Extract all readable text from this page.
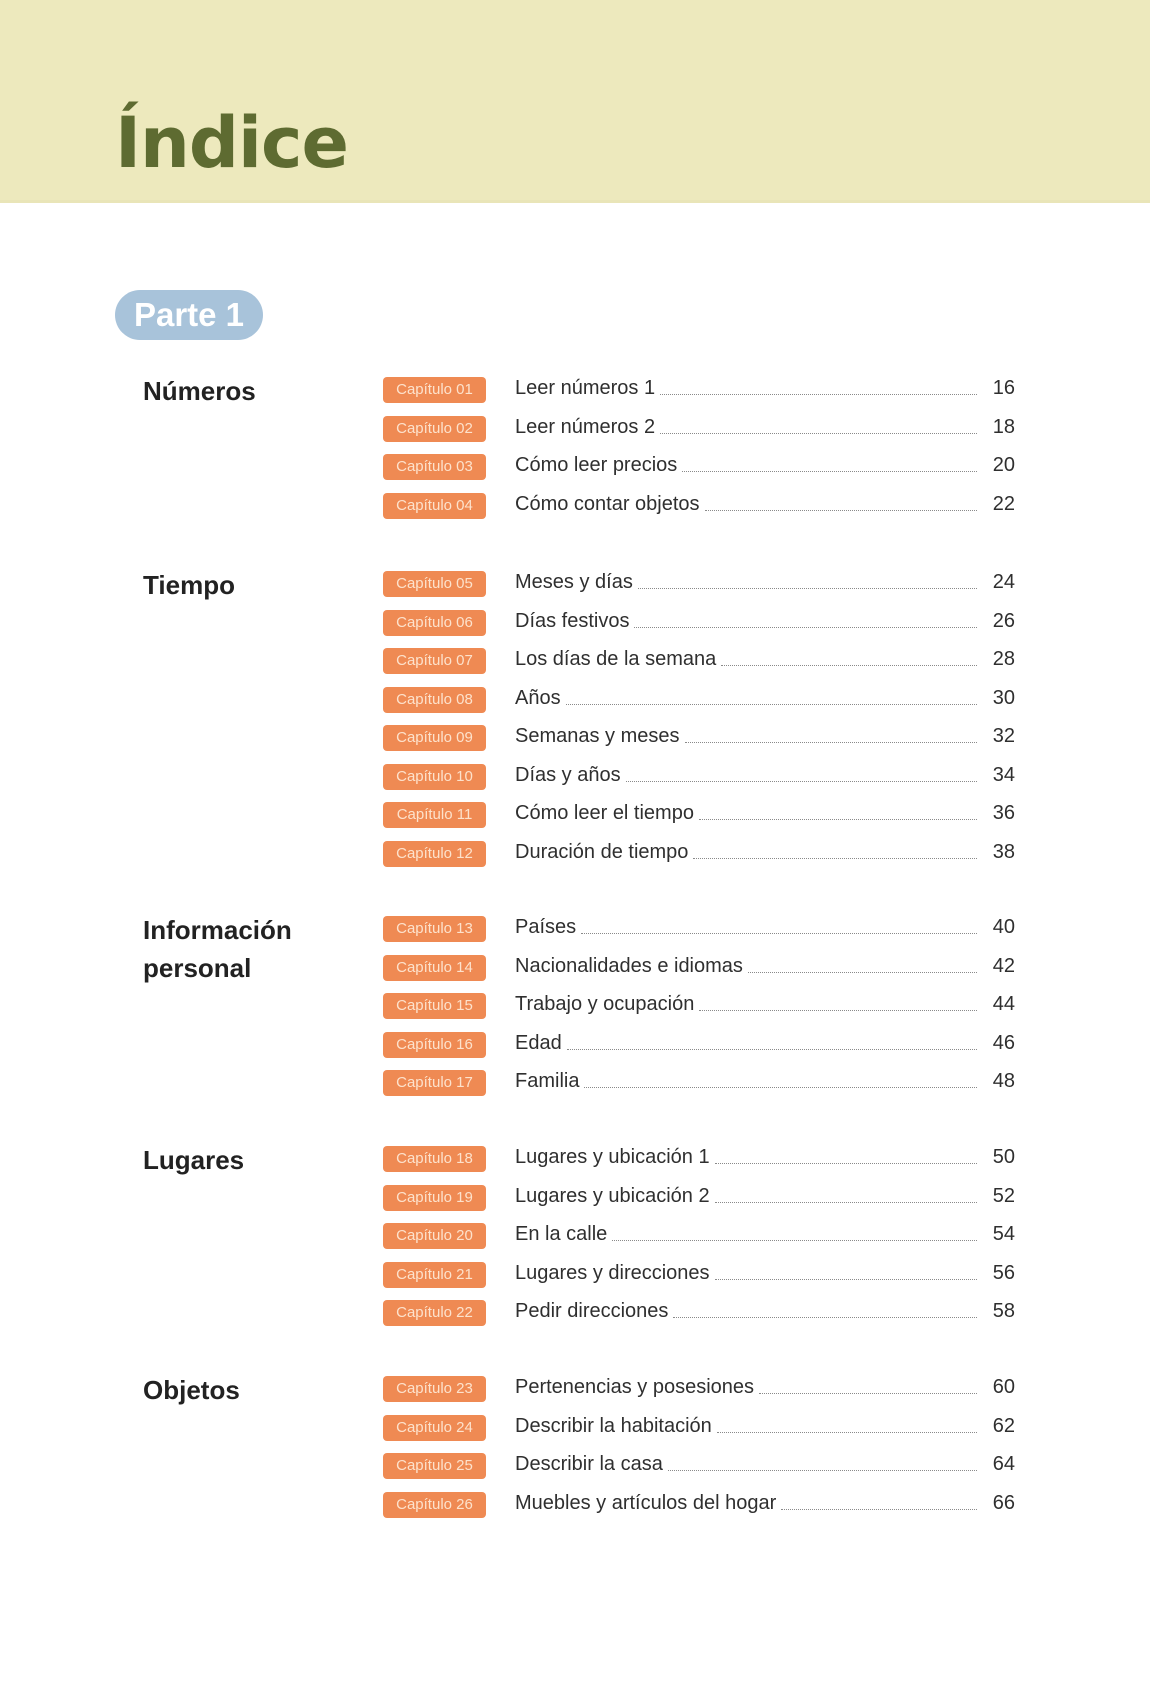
Índice
Parte 1
Números	Capítulo 01	Leer números 1	16
Capítulo 02	Leer números 2	18
Capítulo 03	Cómo leer precios	20
Capítulo 04	Cómo contar objetos	22
Tiempo	Capítulo 05	Meses y días	24
Capítulo 06	Días festivos	26
Capítulo 07	Los días de la semana	28
Capítulo 08	Años	30
Capítulo 09	Semanas y meses	32
Capítulo 10	Días y años	34
Capítulo 11	Cómo leer el tiempo	36
Capítulo 12	Duración de tiempo	38
Información
personal
Capítulo 13	Países	40
Capítulo 14	Nacionalidades e idiomas	42
Capítulo 15	Trabajo y ocupación	44
Capítulo 16	Edad	46
Capítulo 17	Familia	48
Lugares	Capítulo 18	Lugares y ubicación 1	50
Capítulo 19	Lugares y ubicación 2	52
Capítulo 20	En la calle	54
Capítulo 21	Lugares y direcciones	56
Capítulo 22	Pedir direcciones	58
Objetos	Capítulo 23	Pertenencias y posesiones	60
Capítulo 24	Describir la habitación	62
Capítulo 25	Describir la casa	64
Capítulo 26	Muebles y artículos del hogar	66
